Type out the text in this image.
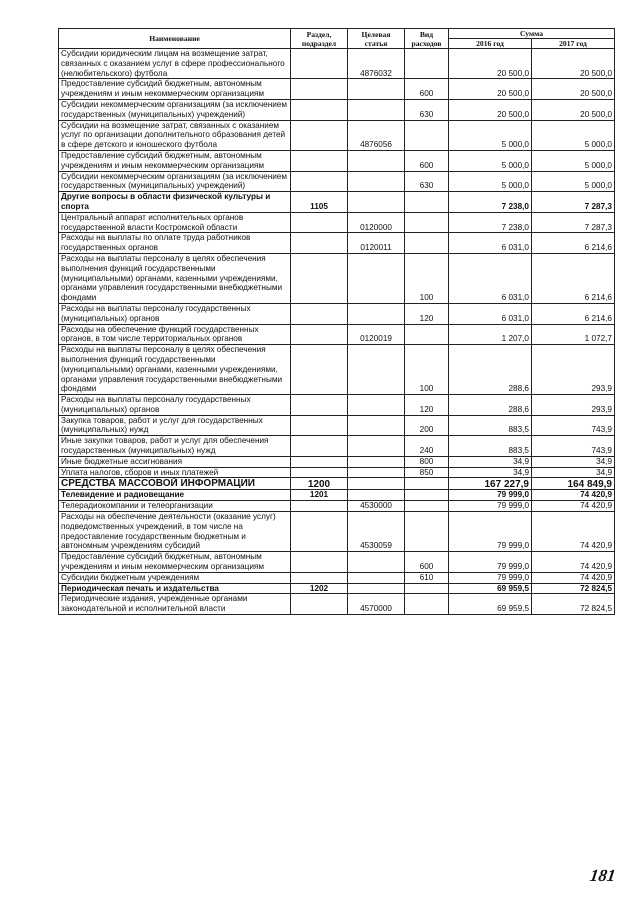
Наименование	Раздел, подраздел	Целевая статья	Вид расходов	Сумма	
				2016 год	2017 год
Субсидии юридическим лицам на возмещение затрат, связанных с оказанием услуг в сфере профессионального (нелюбительского) футбола		4876032		20 500,0	20 500,0
Предоставление субсидий бюджетным, автономным учреждениям и иным некоммерческим организациям			600	20 500,0	20 500,0
Субсидии некоммерческим организациям (за исключением государственных (муниципальных) учреждений)			630	20 500,0	20 500,0
Субсидии на возмещение затрат, связанных с оказанием услуг по организации дополнительного образования детей в сфере детского и юношеского футбола		4876056		5 000,0	5 000,0
Предоставление субсидий бюджетным, автономным учреждениям и иным некоммерческим организациям			600	5 000,0	5 000,0
Субсидии некоммерческим организациям (за исключением государственных (муниципальных) учреждений)			630	5 000,0	5 000,0
Другие вопросы в области физической культуры и спорта	1105			7 238,0	7 287,3
Центральный аппарат исполнительных органов государственной власти Костромской области		0120000		7 238,0	7 287,3
Расходы на выплаты по оплате труда работников государственных органов		0120011		6 031,0	6 214,6
Расходы на выплаты персоналу в целях обеспечения выполнения функций государственными (муниципальными) органами, казенными учреждениями, органами управления государственными внебюджетными фондами			100	6 031,0	6 214,6
Расходы на выплаты персоналу государственных (муниципальных) органов			120	6 031,0	6 214,6
Расходы на обеспечение функций государственных органов, в том числе территориальных органов		0120019		1 207,0	1 072,7
Расходы на выплаты персоналу в целях обеспечения выполнения функций государственными (муниципальными) органами, казенными учреждениями, органами управления государственными внебюджетными фондами			100	288,6	293,9
Расходы на выплаты персоналу государственных (муниципальных) органов			120	288,6	293,9
Закупка товаров, работ и услуг для государственных (муниципальных) нужд			200	883,5	743,9
Иные закупки товаров, работ и услуг для обеспечения государственных (муниципальных) нужд			240	883,5	743,9
Иные бюджетные ассигнования			800	34,9	34,9
Уплата налогов, сборов и иных платежей			850	34,9	34,9
СРЕДСТВА МАССОВОЙ ИНФОРМАЦИИ	1200			167 227,9	164 849,9
Телевидение и радиовещание	1201			79 999,0	74 420,9
Телерадиокомпании и телеорганизации		4530000		79 999,0	74 420,9
Расходы на обеспечение деятельности (оказание услуг) подведомственных учреждений, в том числе на предоставление государственным бюджетным и автономным учреждениям субсидий		4530059		79 999,0	74 420,9
Предоставление субсидий бюджетным, автономным учреждениям и иным некоммерческим организациям			600	79 999,0	74 420,9
Субсидии бюджетным учреждениям			610	79 999,0	74 420,9
Периодическая печать и издательства	1202			69 959,5	72 824,5
Периодические издания, учрежденные органами законодательной и исполнительной власти		4570000		69 959,5	72 824,5
181
